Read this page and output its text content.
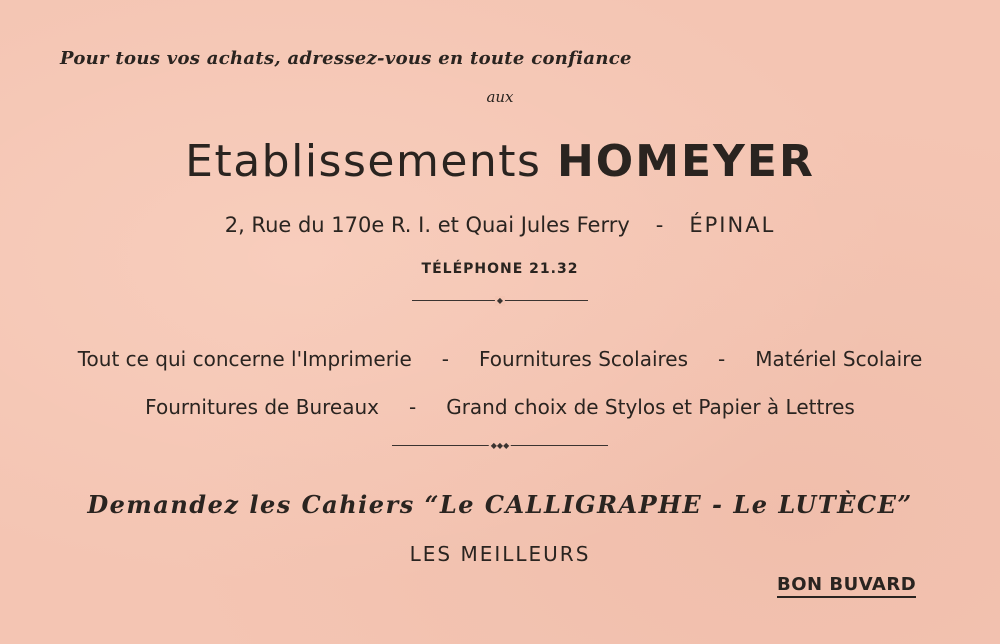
Pour tous vos achats, adressez-vous en toute confiance
aux
Etablissements HOMEYER
2, Rue du 170e R. I. et Quai Jules Ferry - ÉPINAL
TÉLÉPHONE 21.32
◆
Tout ce qui concerne l'Imprimerie - Fournitures Scolaires - Matériel Scolaire
Fournitures de Bureaux - Grand choix de Stylos et Papier à Lettres
◆◆◆
Demandez les Cahiers “Le CALLIGRAPHE - Le LUTÈCE”
LES MEILLEURS
BON BUVARD
